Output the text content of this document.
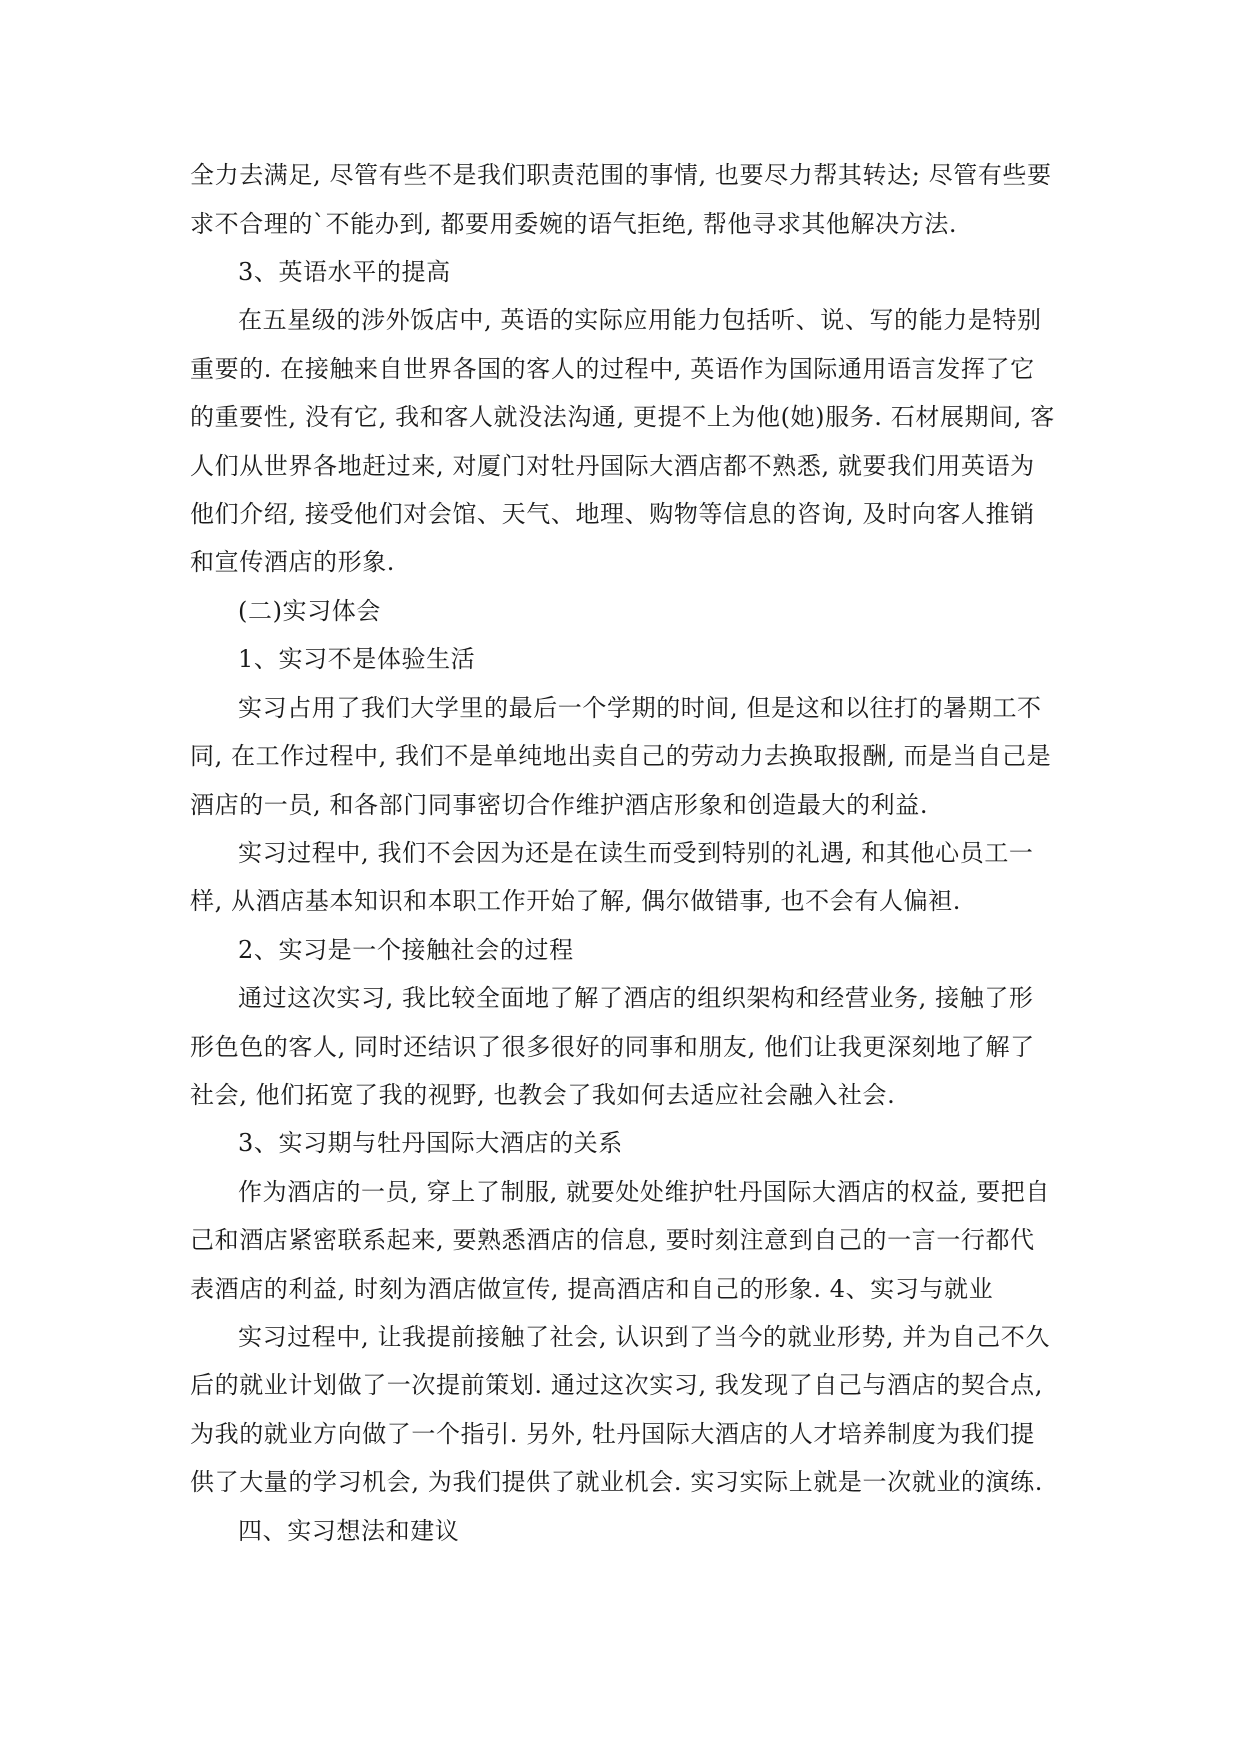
全力去满足, 尽管有些不是我们职责范围的事情, 也要尽力帮其转达; 尽管有些要
求不合理的`不能办到, 都要用委婉的语气拒绝, 帮他寻求其他解决方法.
3、英语水平的提高
在五星级的涉外饭店中, 英语的实际应用能力包括听、说、写的能力是特别
重要的. 在接触来自世界各国的客人的过程中, 英语作为国际通用语言发挥了它
的重要性, 没有它, 我和客人就没法沟通, 更提不上为他(她)服务. 石材展期间, 客
人们从世界各地赶过来, 对厦门对牡丹国际大酒店都不熟悉, 就要我们用英语为
他们介绍, 接受他们对会馆、天气、地理、购物等信息的咨询, 及时向客人推销
和宣传酒店的形象.
(二)实习体会
1、实习不是体验生活
实习占用了我们大学里的最后一个学期的时间, 但是这和以往打的暑期工不
同, 在工作过程中, 我们不是单纯地出卖自己的劳动力去换取报酬, 而是当自己是
酒店的一员, 和各部门同事密切合作维护酒店形象和创造最大的利益.
实习过程中, 我们不会因为还是在读生而受到特别的礼遇, 和其他心员工一
样, 从酒店基本知识和本职工作开始了解, 偶尔做错事, 也不会有人偏袒.
2、实习是一个接触社会的过程
通过这次实习, 我比较全面地了解了酒店的组织架构和经营业务, 接触了形
形色色的客人, 同时还结识了很多很好的同事和朋友, 他们让我更深刻地了解了
社会, 他们拓宽了我的视野, 也教会了我如何去适应社会融入社会.
3、实习期与牡丹国际大酒店的关系
作为酒店的一员, 穿上了制服, 就要处处维护牡丹国际大酒店的权益, 要把自
己和酒店紧密联系起来, 要熟悉酒店的信息, 要时刻注意到自己的一言一行都代
表酒店的利益, 时刻为酒店做宣传, 提高酒店和自己的形象. 4、实习与就业
实习过程中, 让我提前接触了社会, 认识到了当今的就业形势, 并为自己不久
后的就业计划做了一次提前策划. 通过这次实习, 我发现了自己与酒店的契合点,
为我的就业方向做了一个指引. 另外, 牡丹国际大酒店的人才培养制度为我们提
供了大量的学习机会, 为我们提供了就业机会. 实习实际上就是一次就业的演练.
四、实习想法和建议
